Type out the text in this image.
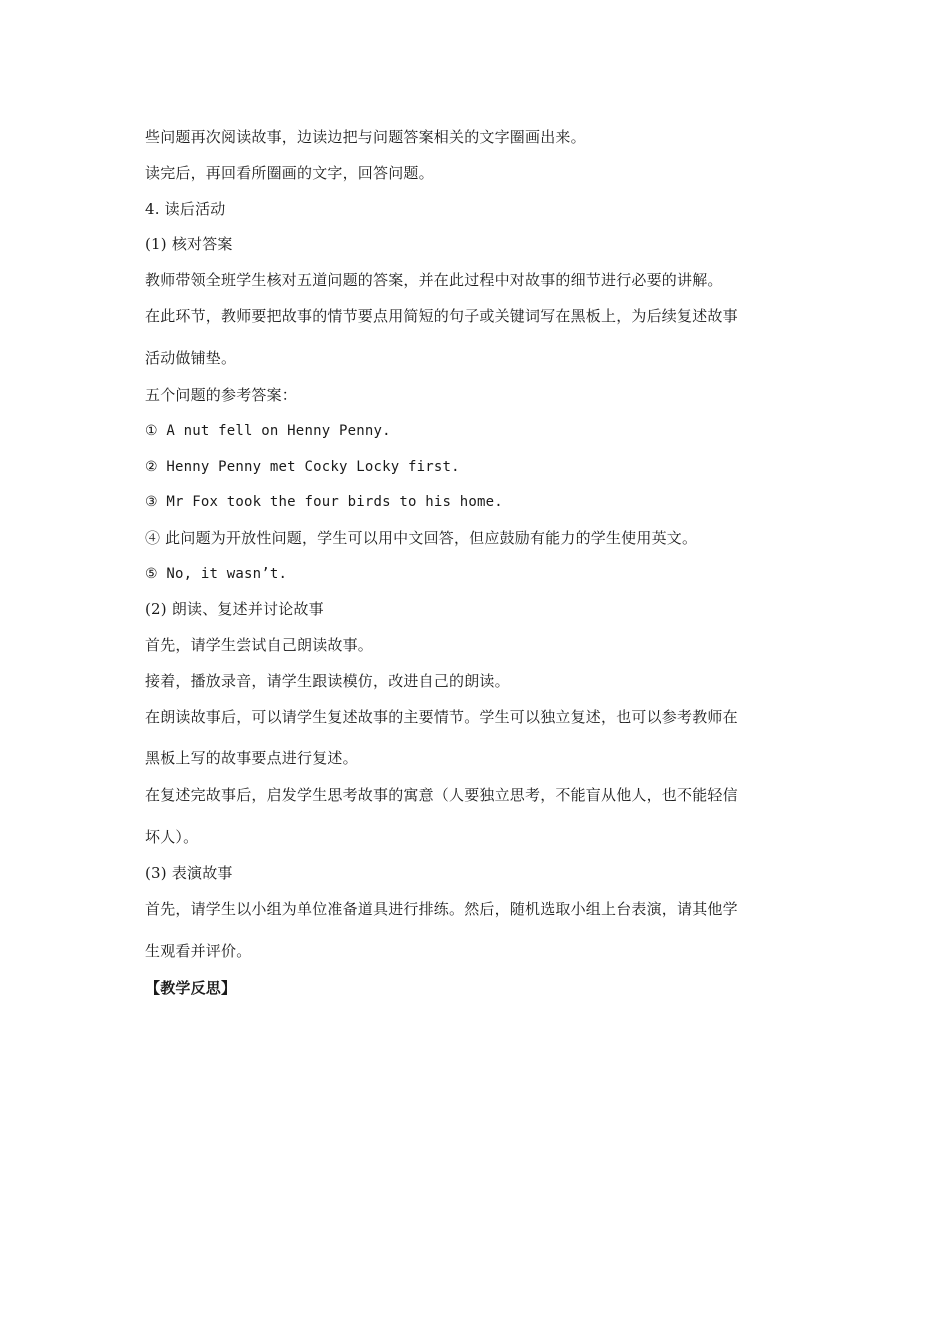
些问题再次阅读故事，边读边把与问题答案相关的文字圈画出来。
读完后，再回看所圈画的文字，回答问题。
4. 读后活动
(1) 核对答案
教师带领全班学生核对五道问题的答案，并在此过程中对故事的细节进行必要的讲解。
在此环节，教师要把故事的情节要点用简短的句子或关键词写在黑板上，为后续复述故事
活动做铺垫。
五个问题的参考答案：
① A nut fell on Henny Penny.
② Henny Penny met Cocky Locky first.
③ Mr Fox took the four birds to his home.
④ 此问题为开放性问题，学生可以用中文回答，但应鼓励有能力的学生使用英文。
⑤ No, it wasn’t.
(2) 朗读、复述并讨论故事
首先，请学生尝试自己朗读故事。
接着，播放录音，请学生跟读模仿，改进自己的朗读。
在朗读故事后，可以请学生复述故事的主要情节。学生可以独立复述，也可以参考教师在
黑板上写的故事要点进行复述。
在复述完故事后，启发学生思考故事的寓意（人要独立思考，不能盲从他人，也不能轻信
坏人）。
(3) 表演故事
首先，请学生以小组为单位准备道具进行排练。然后，随机选取小组上台表演，请其他学
生观看并评价。
【教学反思】
